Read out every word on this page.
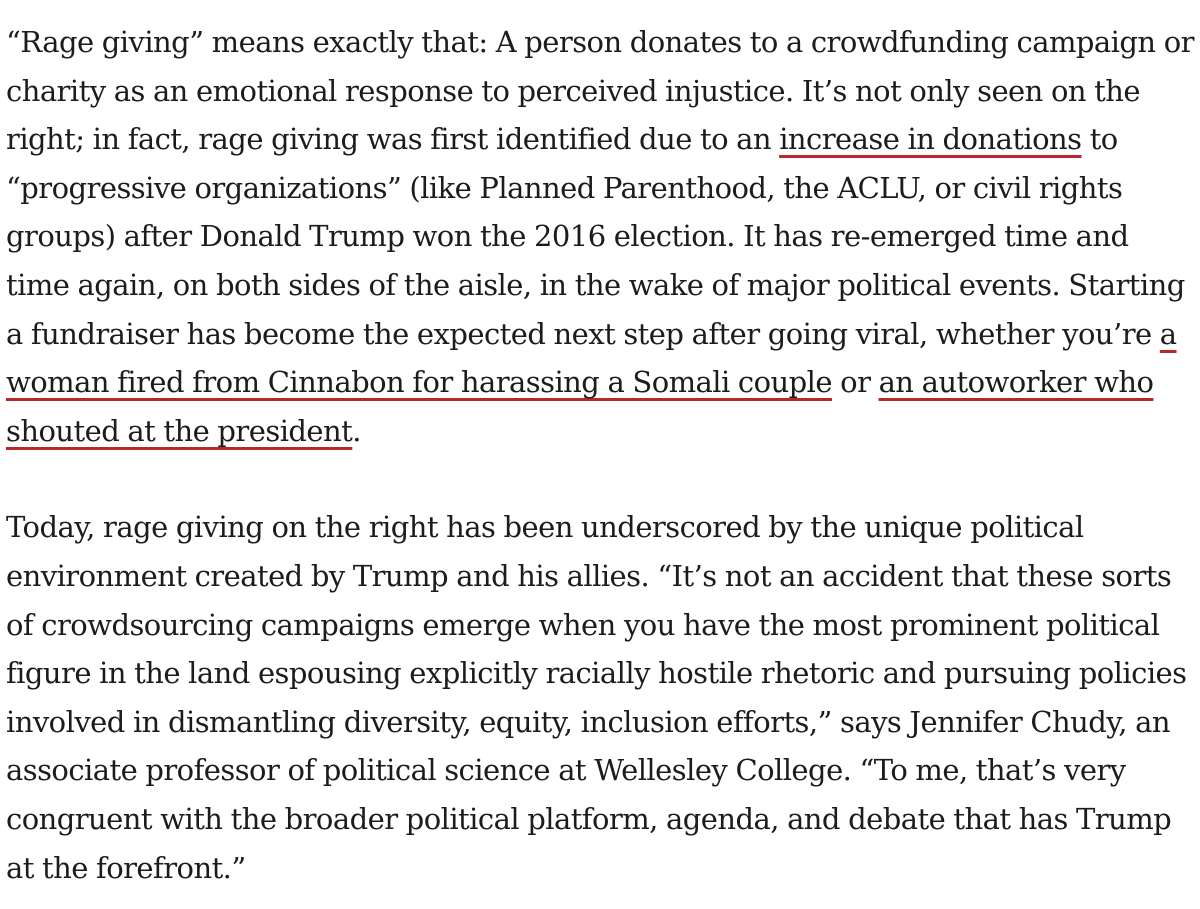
“Rage giving” means exactly that: A person donates to a crowdfunding campaign or charity as an emotional response to perceived injustice. It’s not only seen on the right; in fact, rage giving was first identified due to an increase in donations to “progressive organizations” (like Planned Parenthood, the ACLU, or civil rights groups) after Donald Trump won the 2016 election. It has re-emerged time and time again, on both sides of the aisle, in the wake of major political events. Starting a fundraiser has become the expected next step after going viral, whether you’re a woman fired from Cinnabon for harassing a Somali couple or an autoworker who shouted at the president.

Today, rage giving on the right has been underscored by the unique political environment created by Trump and his allies. “It’s not an accident that these sorts of crowdsourcing campaigns emerge when you have the most prominent political figure in the land espousing explicitly racially hostile rhetoric and pursuing policies involved in dismantling diversity, equity, inclusion efforts,” says Jennifer Chudy, an associate professor of political science at Wellesley College. “To me, that’s very congruent with the broader political platform, agenda, and debate that has Trump at the forefront.”
